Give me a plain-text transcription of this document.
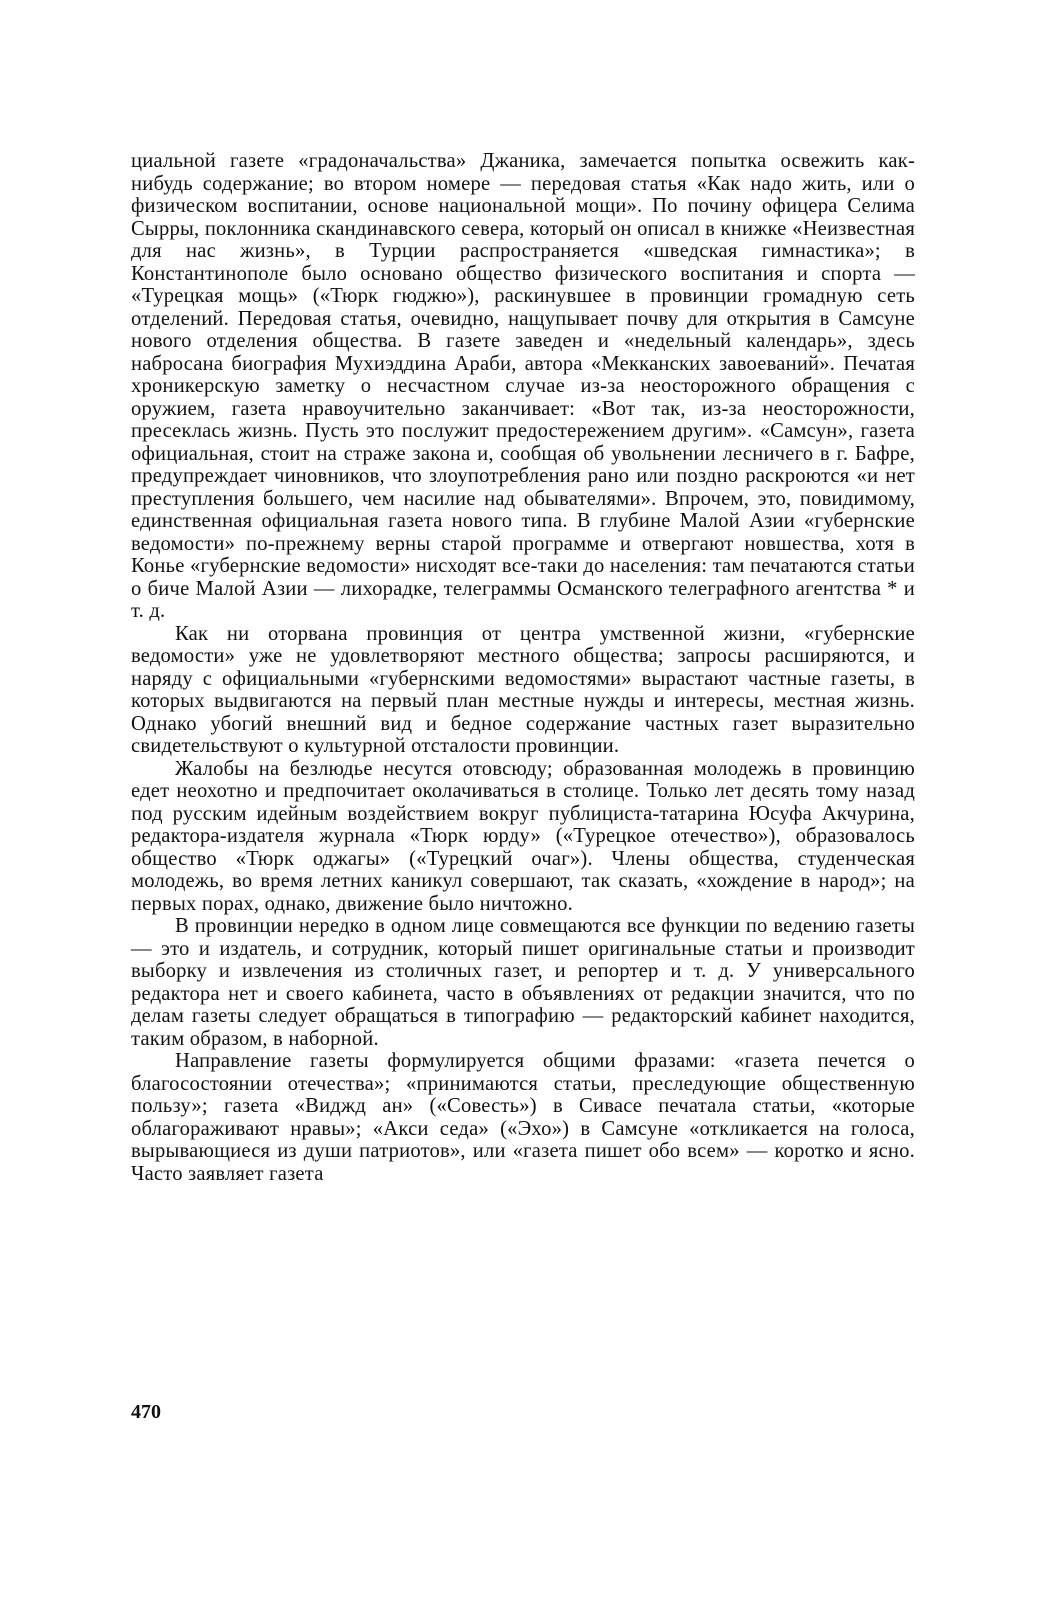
циальной газете «градоначальства» Джаника, замечается попытка освежить как-нибудь содержание; во втором номере — передовая статья «Как надо жить, или о физическом воспитании, основе национальной мощи». По почину офицера Селима Сырры, поклонника скандинавского севера, который он описал в книжке «Неизвестная для нас жизнь», в Турции распространяется «шведская гимнастика»; в Константинополе было основано общество физического воспитания и спорта — «Турецкая мощь» («Тюрк гюджю»), раскинувшее в провинции громадную сеть отделений. Передовая статья, очевидно, нащупывает почву для открытия в Самсуне нового отделения общества. В газете заведен и «недельный календарь», здесь набросана биография Мухиэддина Араби, автора «Мекканских завоеваний». Печатая хроникерскую заметку о несчастном случае из-за неосторожного обращения с оружием, газета нравоучительно заканчивает: «Вот так, из-за неосторожности, пресеклась жизнь. Пусть это послужит предостережением другим». «Самсун», газета официальная, стоит на страже закона и, сообщая об увольнении лесничего в г. Бафре, предупреждает чиновников, что злоупотребления рано или поздно раскроются «и нет преступления большего, чем насилие над обывателями». Впрочем, это, повидимому, единственная официальная газета нового типа. В глубине Малой Азии «губернские ведомости» по-прежнему верны старой программе и отвергают новшества, хотя в Конье «губернские ведомости» нисходят все-таки до населения: там печатаются статьи о биче Малой Азии — лихорадке, телеграммы Османского телеграфного агентства * и т. д.

Как ни оторвана провинция от центра умственной жизни, «губернские ведомости» уже не удовлетворяют местного общества; запросы расширяются, и наряду с официальными «губернскими ведомостями» вырастают частные газеты, в которых выдвигаются на первый план местные нужды и интересы, местная жизнь. Однако убогий внешний вид и бедное содержание частных газет выразительно свидетельствуют о культурной отсталости провинции.

Жалобы на безлюдье несутся отовсюду; образованная молодежь в провинцию едет неохотно и предпочитает околачиваться в столице. Только лет десять тому назад под русским идейным воздействием вокруг публициста-татарина Юсуфа Акчурина, редактора-издателя журнала «Тюрк юрду» («Турецкое отечество»), образовалось общество «Тюрк оджагы» («Турецкий очаг»). Члены общества, студенческая молодежь, во время летних каникул совершают, так сказать, «хождение в народ»; на первых порах, однако, движение было ничтожно.

В провинции нередко в одном лице совмещаются все функции по ведению газеты — это и издатель, и сотрудник, который пишет оригинальные статьи и производит выборку и извлечения из столичных газет, и репортер и т. д. У универсального редактора нет и своего кабинета, часто в объявлениях от редакции значится, что по делам газеты следует обращаться в типографию — редакторский кабинет находится, таким образом, в наборной.

Направление газеты формулируется общими фразами: «газета печется о благосостоянии отечества»; «принимаются статьи, преследующие общественную пользу»; газета «Виджд ан» («Совесть») в Сивасе печатала статьи, «которые облагораживают нравы»; «Акси седа» («Эхо») в Самсуне «откликается на голоса, вырывающиеся из души патриотов», или «газета пишет обо всем» — коротко и ясно. Часто заявляет газета

470
